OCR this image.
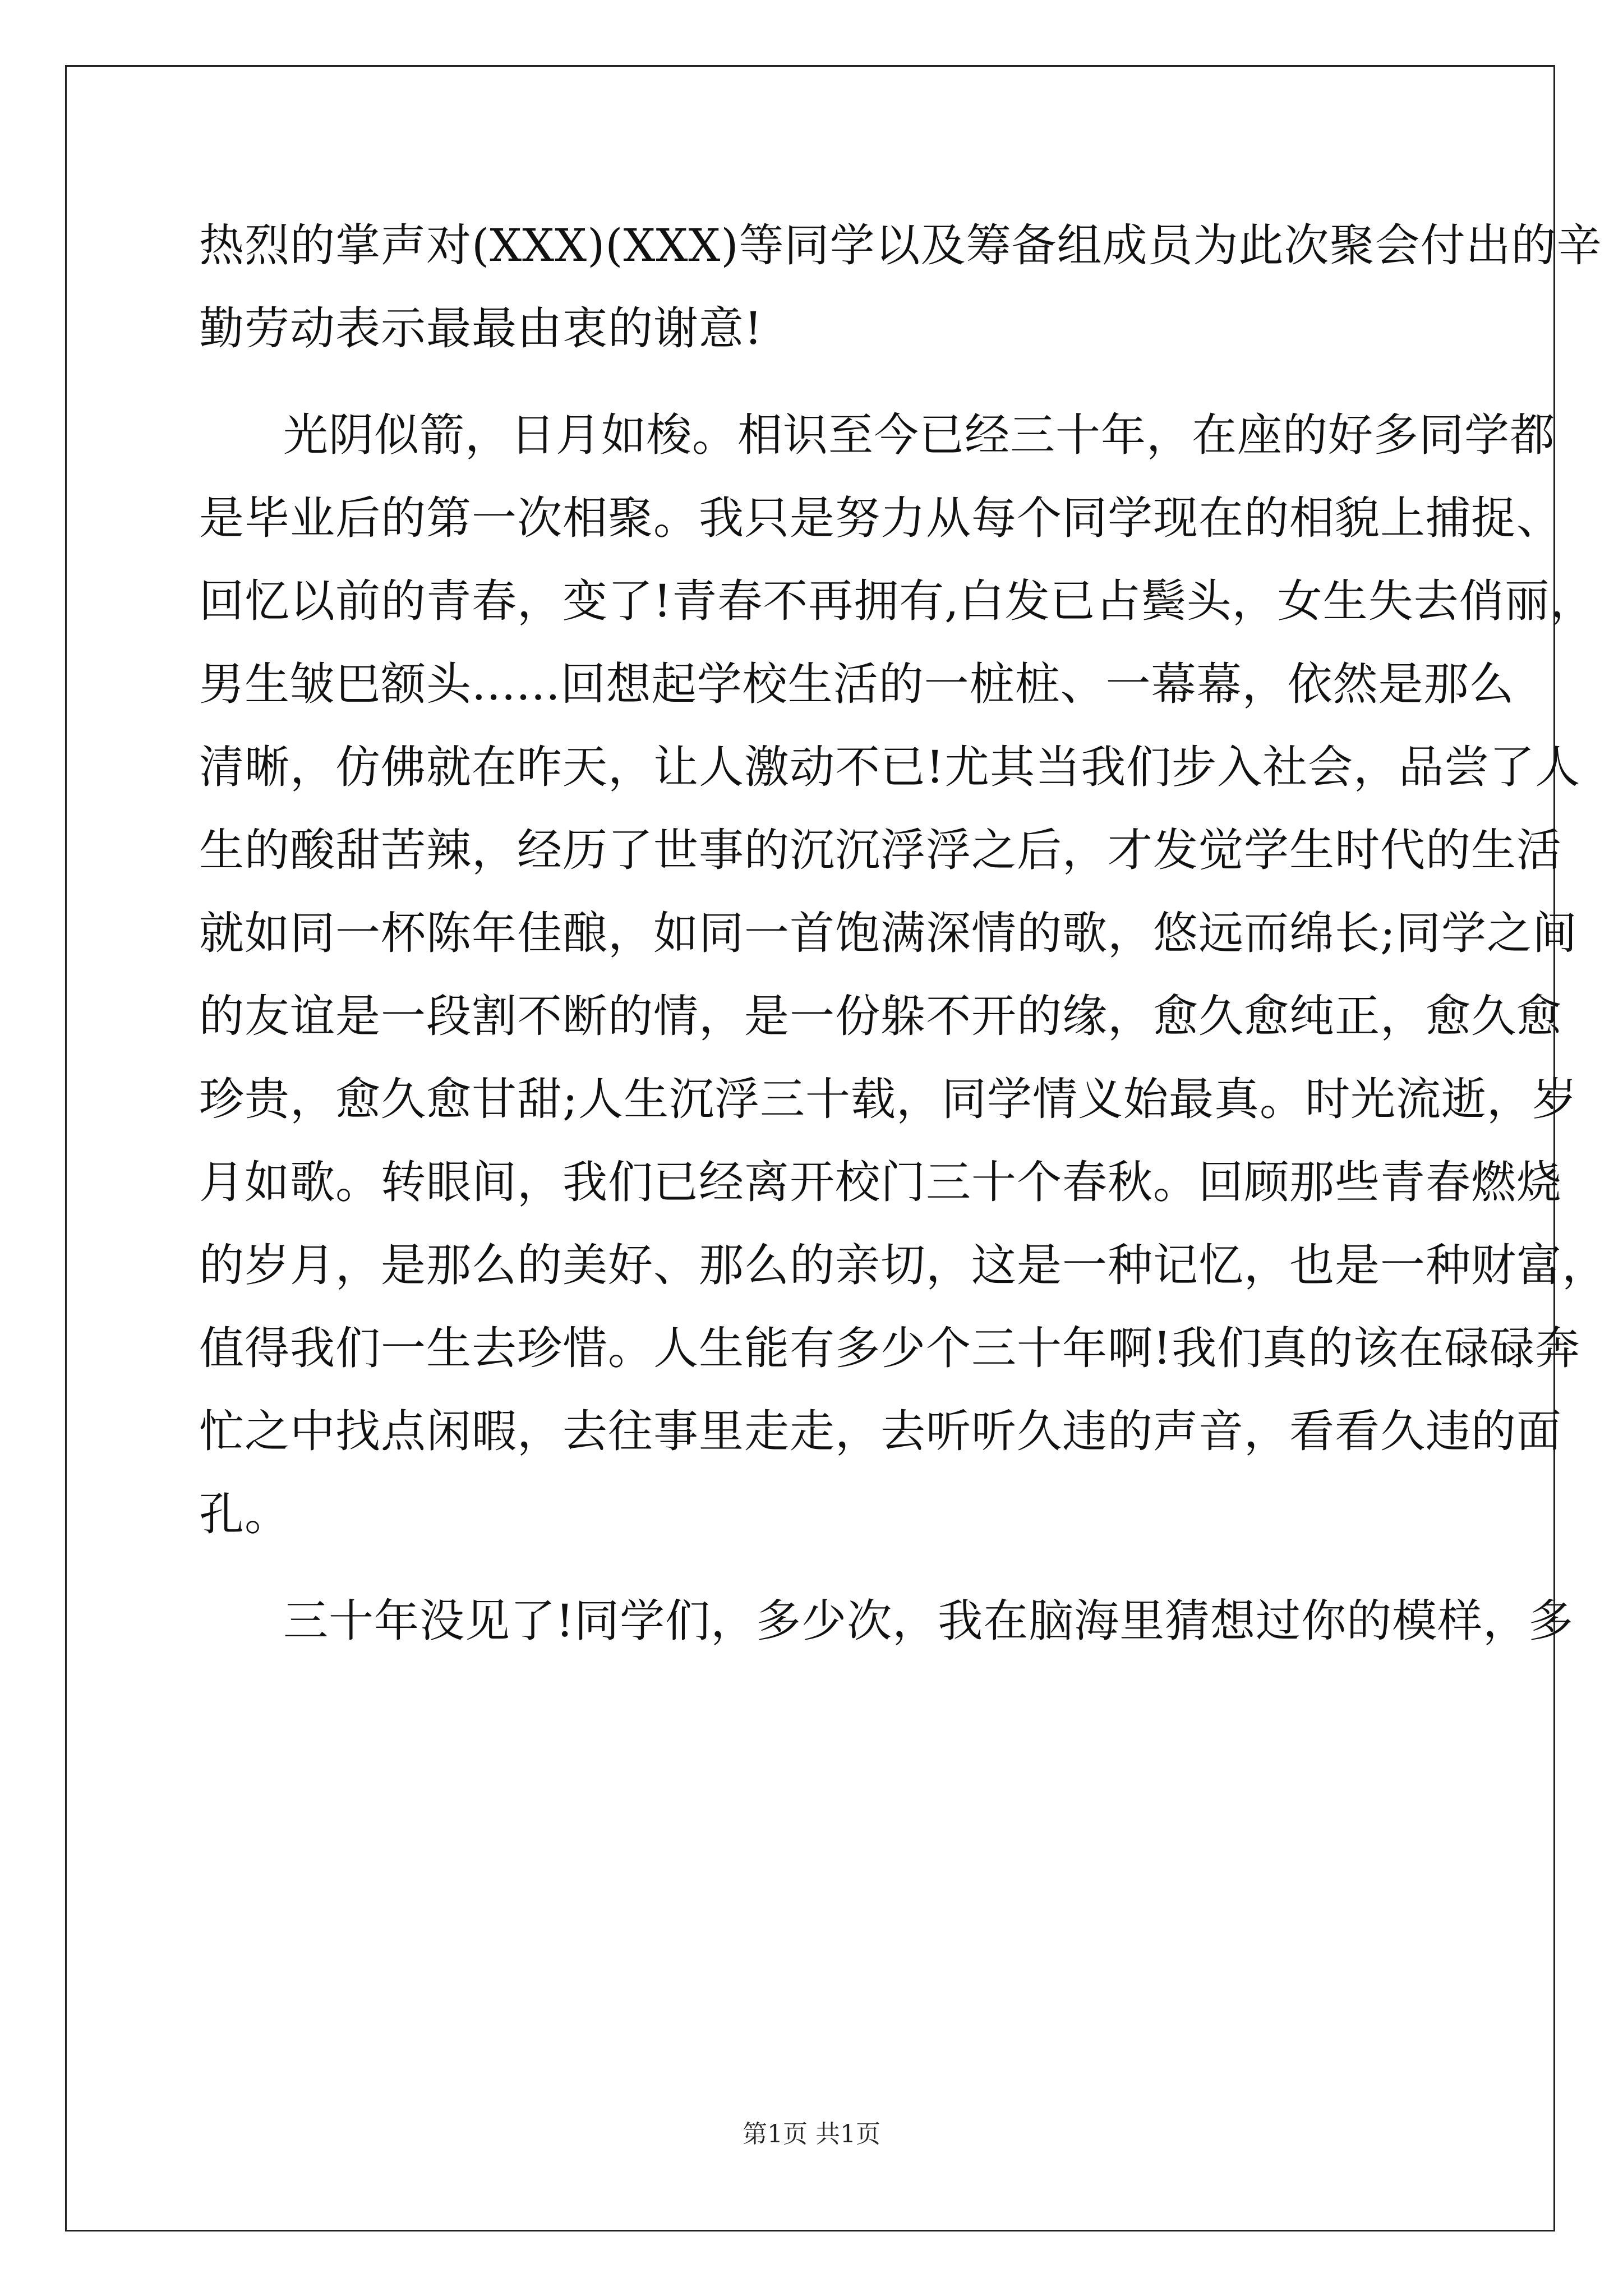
热烈的掌声对(XXX)(XXX)等同学以及筹备组成员为此次聚会付出的辛
勤劳动表示最最由衷的谢意!
光阴似箭，日月如梭。相识至今已经三十年，在座的好多同学都
是毕业后的第一次相聚。我只是努力从每个同学现在的相貌上捕捉、
回忆以前的青春，变了!青春不再拥有,白发已占鬓头，女生失去俏丽，
男生皱巴额头......回想起学校生活的一桩桩、一幕幕，依然是那么
清晰，仿佛就在昨天，让人激动不已!尤其当我们步入社会，品尝了人
生的酸甜苦辣，经历了世事的沉沉浮浮之后，才发觉学生时代的生活
就如同一杯陈年佳酿，如同一首饱满深情的歌，悠远而绵长;同学之间
的友谊是一段割不断的情，是一份躲不开的缘，愈久愈纯正，愈久愈
珍贵，愈久愈甘甜;人生沉浮三十载，同学情义始最真。时光流逝，岁
月如歌。转眼间，我们已经离开校门三十个春秋。回顾那些青春燃烧
的岁月，是那么的美好、那么的亲切，这是一种记忆，也是一种财富，
值得我们一生去珍惜。人生能有多少个三十年啊!我们真的该在碌碌奔
忙之中找点闲暇，去往事里走走，去听听久违的声音，看看久违的面
孔。
三十年没见了!同学们，多少次，我在脑海里猜想过你的模样，多
第1页 共1页
